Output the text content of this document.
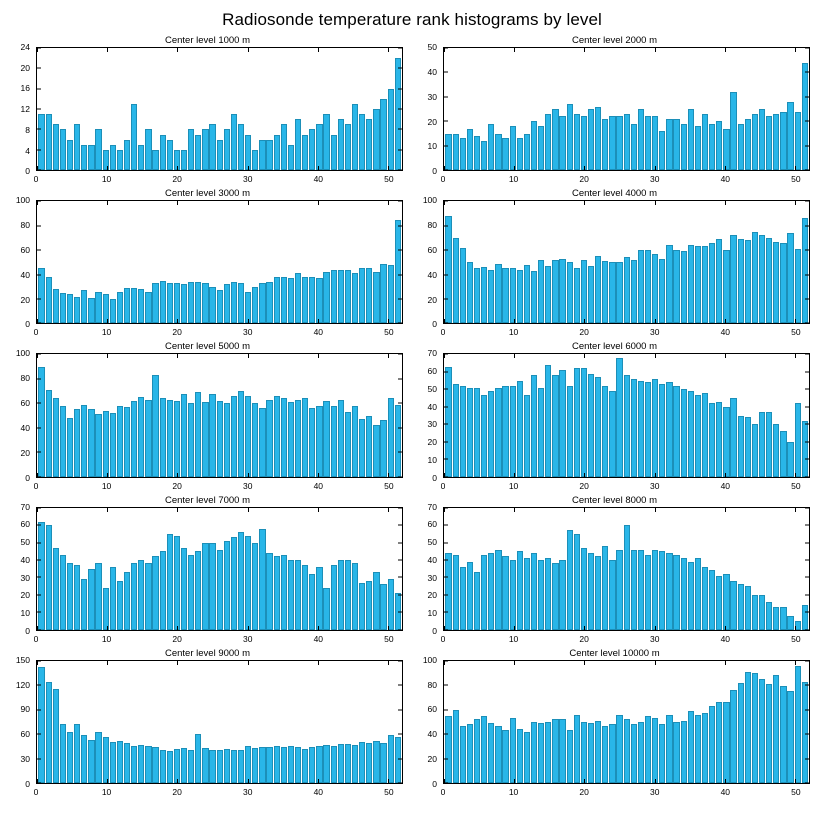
Radiosonde temperature rank histograms by level
Center level 1000 m
0
4
8
12
16
20
24
0	10	20	30	40	50
Center level 2000 m
0
10
20
30
40
50
0	10	20	30	40	50
Center level 3000 m
0
20
40
60
80
100
0	10	20	30	40	50
Center level 4000 m
0
20
40
60
80
100
0	10	20	30	40	50
Center level 5000 m
0
20
40
60
80
100
0	10	20	30	40	50
Center level 6000 m
0
10
20
30
40
50
60
70
0	10	20	30	40	50
Center level 7000 m
0
10
20
30
40
50
60
70
0	10	20	30	40	50
Center level 8000 m
0
10
20
30
40
50
60
70
0	10	20	30	40	50
Center level 9000 m
0
30
60
90
120
150
0	10	20	30	40	50
Center level 10000 m
0
20
40
60
80
100
0	10	20	30	40	50
